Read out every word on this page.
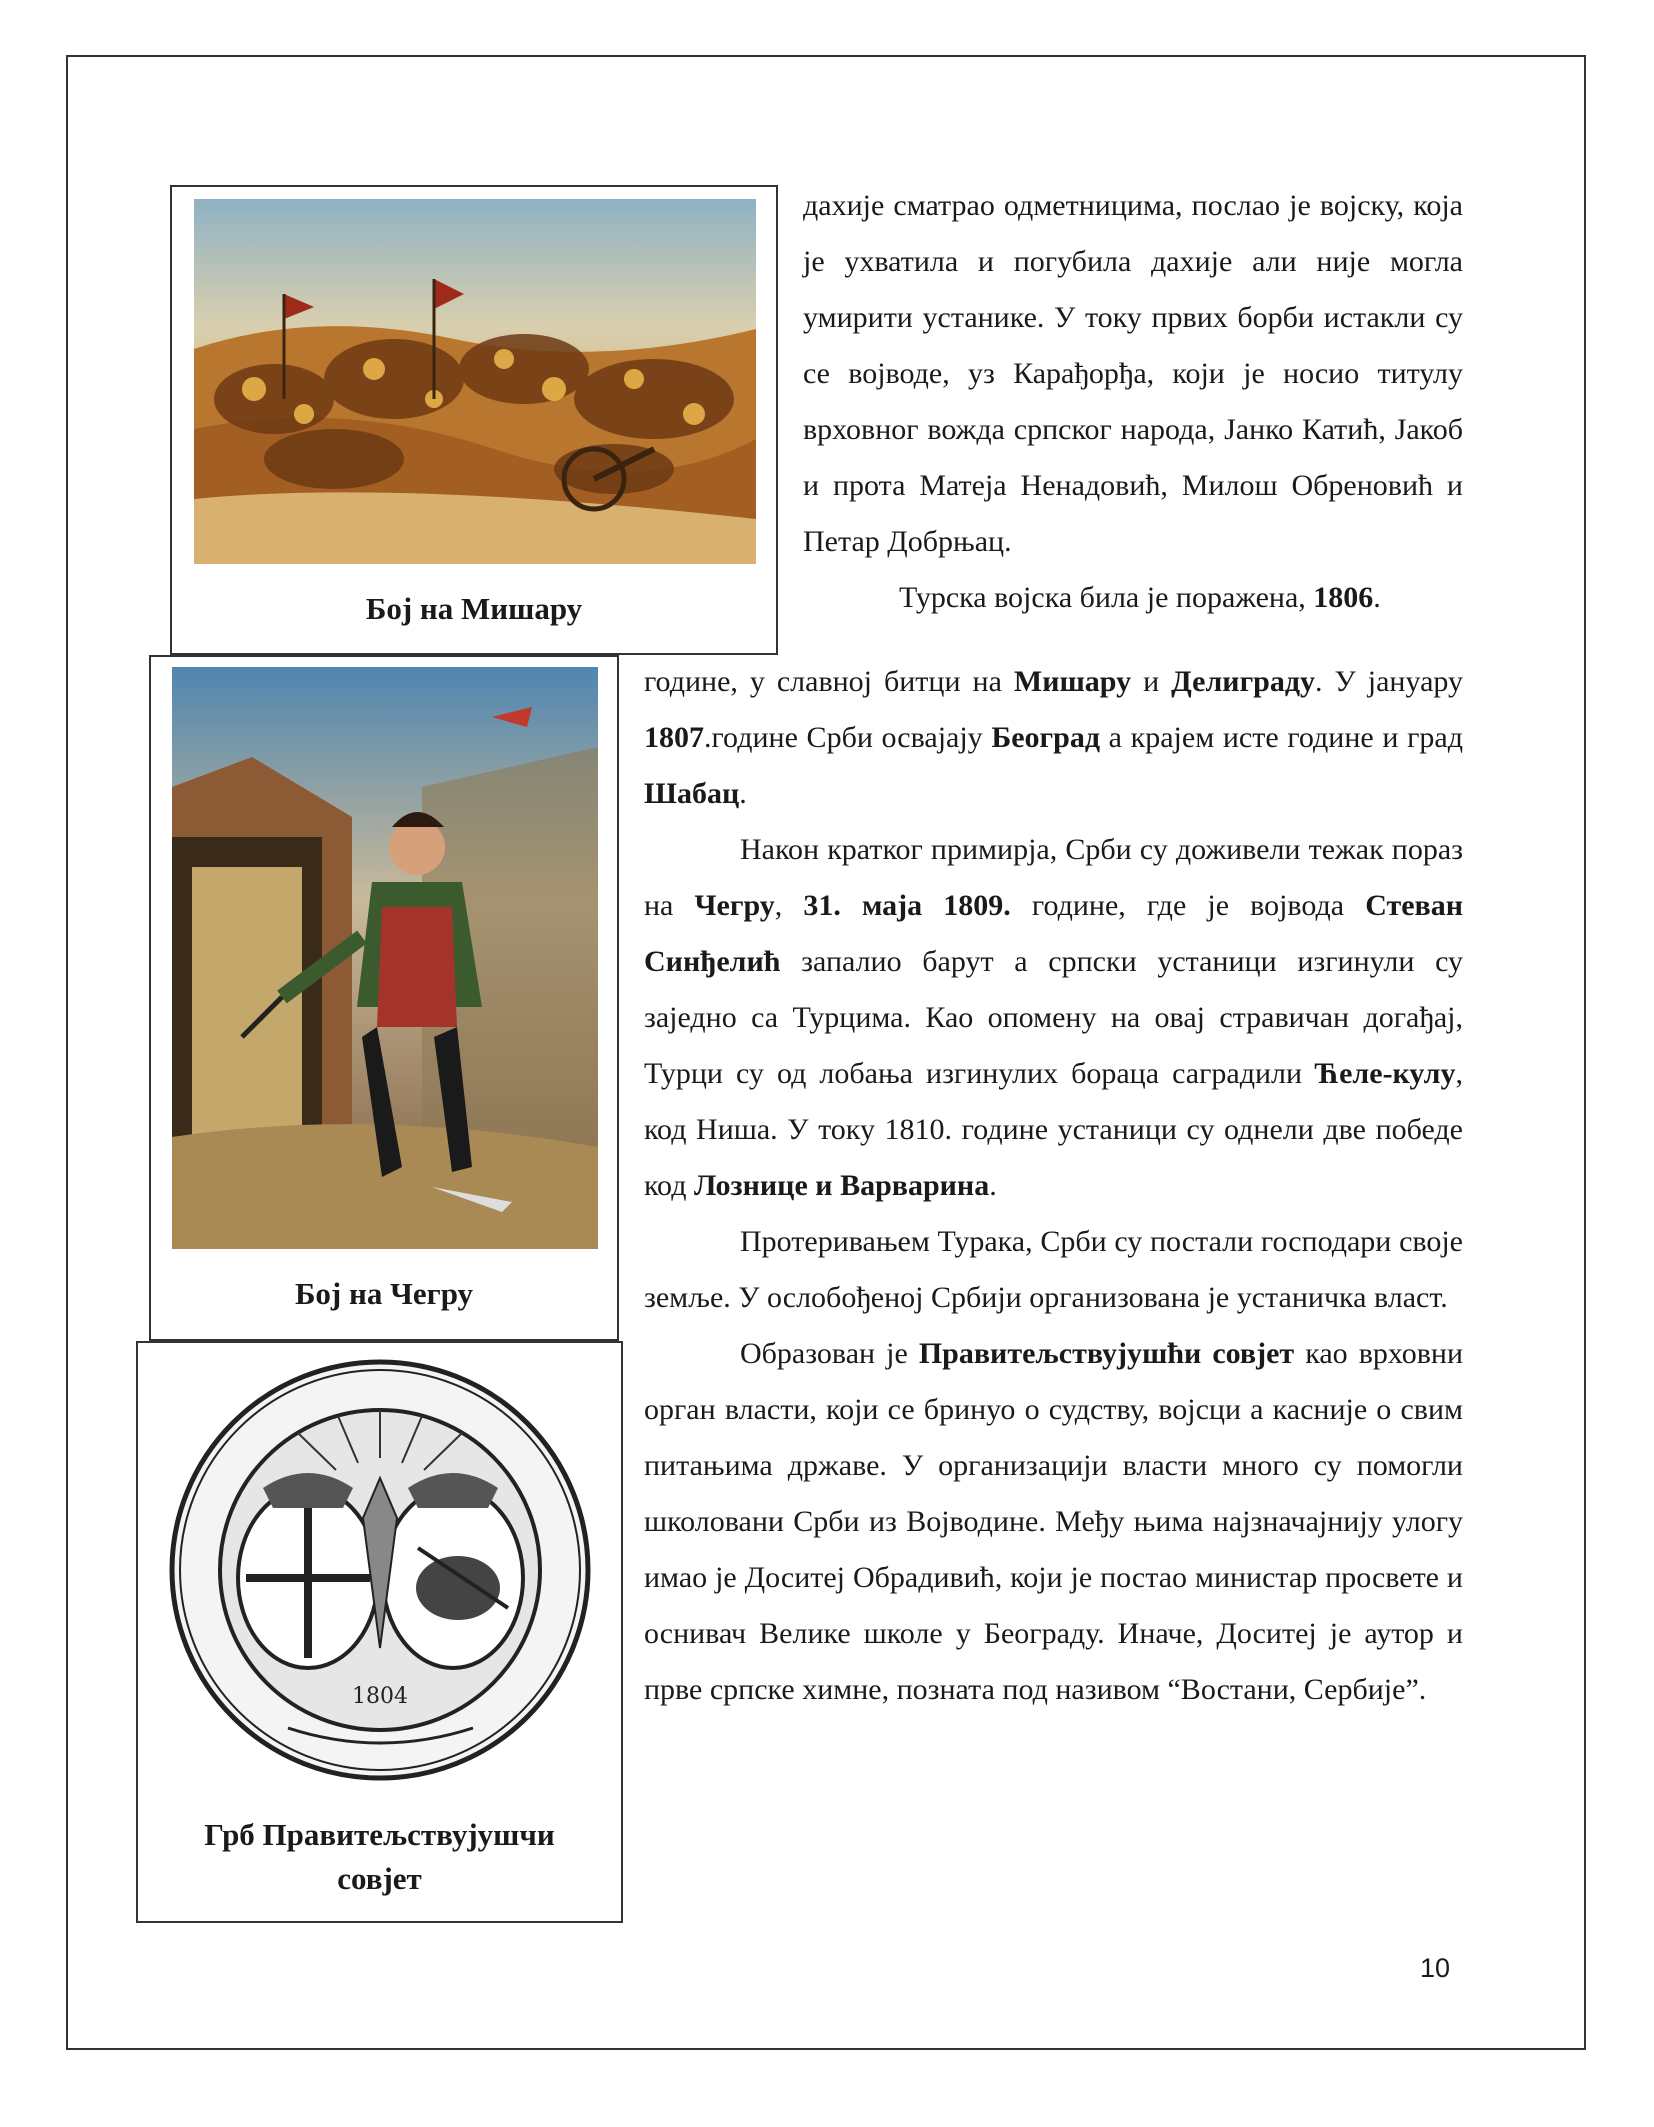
Бој на Мишару
Бој на Чегру
1804
Грб Правитељствујушчи
совјет

дахије сматрао одметницима, послао је војску, која је ухватила и погубила дахије али није могла умирити устанике. У току првих борби истакли су се војводе, уз Карађорђа, који је носио титулу врховног вожда српског народа, Јанко Катић, Јакоб и прота Матеја Ненадовић, Милош Обреновић и Петар Добрњац.

Турска војска била је поражена, 1806.

године, у славној битци на Мишару и Делиграду. У јануару 1807.године Срби освајају Београд а крајем исте године и град Шабац.

Након кратког примирја, Срби су доживели тежак пораз на Чегру, 31. маја 1809. године, где је војвода Стеван Синђелић запалио барут а српски устаници изгинули су заједно са Турцима. Као опомену на овај стравичан догађај, Турци су од лобања изгинулих бораца саградили Ћеле-кулу, код Ниша. У току 1810. године устаници су однели две победе код Лознице и Варварина.

Протеривањем Турака, Срби су постали господари своје земље. У ослобођеној Србији организована је устаничка власт.

Образован је Правитељствујушћи совјет као врховни орган власти, који се бринуо о судству, војсци а касније о свим питањима државе. У организацији власти много су помогли школовани Срби из Војводине. Међу њима најзначајнију улогу имао је Доситеј Обрадивић, који је постао министар просвете и оснивач Велике школе у Београду. Иначе, Доситеј је аутор и прве српске химне, позната под називом “Востани, Сербије”.

10
